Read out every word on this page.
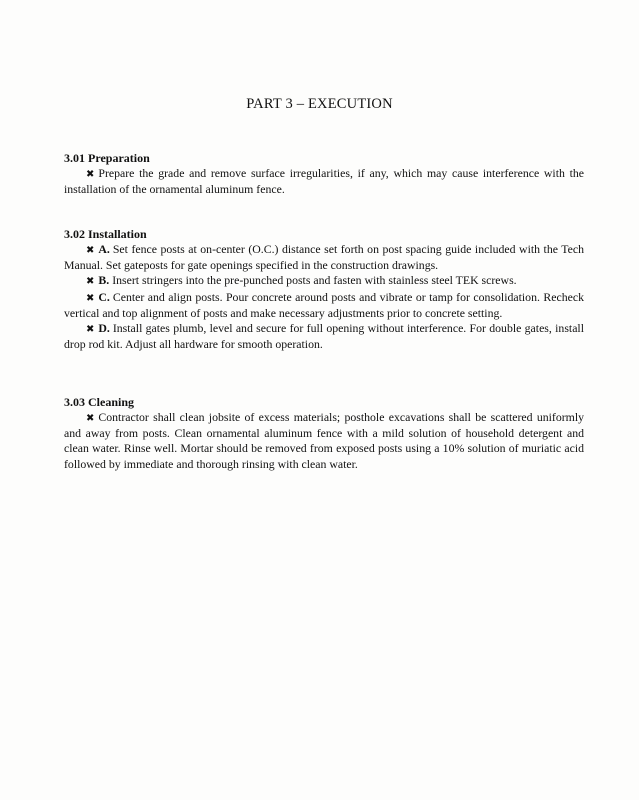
PART 3 – EXECUTION
3.01 Preparation

✖ Prepare the grade and remove surface irregularities, if any, which may cause interference with the installation of the ornamental aluminum fence.

3.02 Installation

✖ A. Set fence posts at on-center (O.C.) distance set forth on post spacing guide included with the Tech Manual. Set gateposts for gate openings specified in the construction drawings.

✖ B. Insert stringers into the pre-punched posts and fasten with stainless steel TEK screws.

✖ C. Center and align posts. Pour concrete around posts and vibrate or tamp for consolidation. Recheck vertical and top alignment of posts and make necessary adjustments prior to concrete setting.

✖ D. Install gates plumb, level and secure for full opening without interference. For double gates, install drop rod kit. Adjust all hardware for smooth operation.

3.03 Cleaning

✖ Contractor shall clean jobsite of excess materials; posthole excavations shall be scattered uniformly and away from posts. Clean ornamental aluminum fence with a mild solution of household detergent and clean water. Rinse well. Mortar should be removed from exposed posts using a 10% solution of muriatic acid followed by immediate and thorough rinsing with clean water.
